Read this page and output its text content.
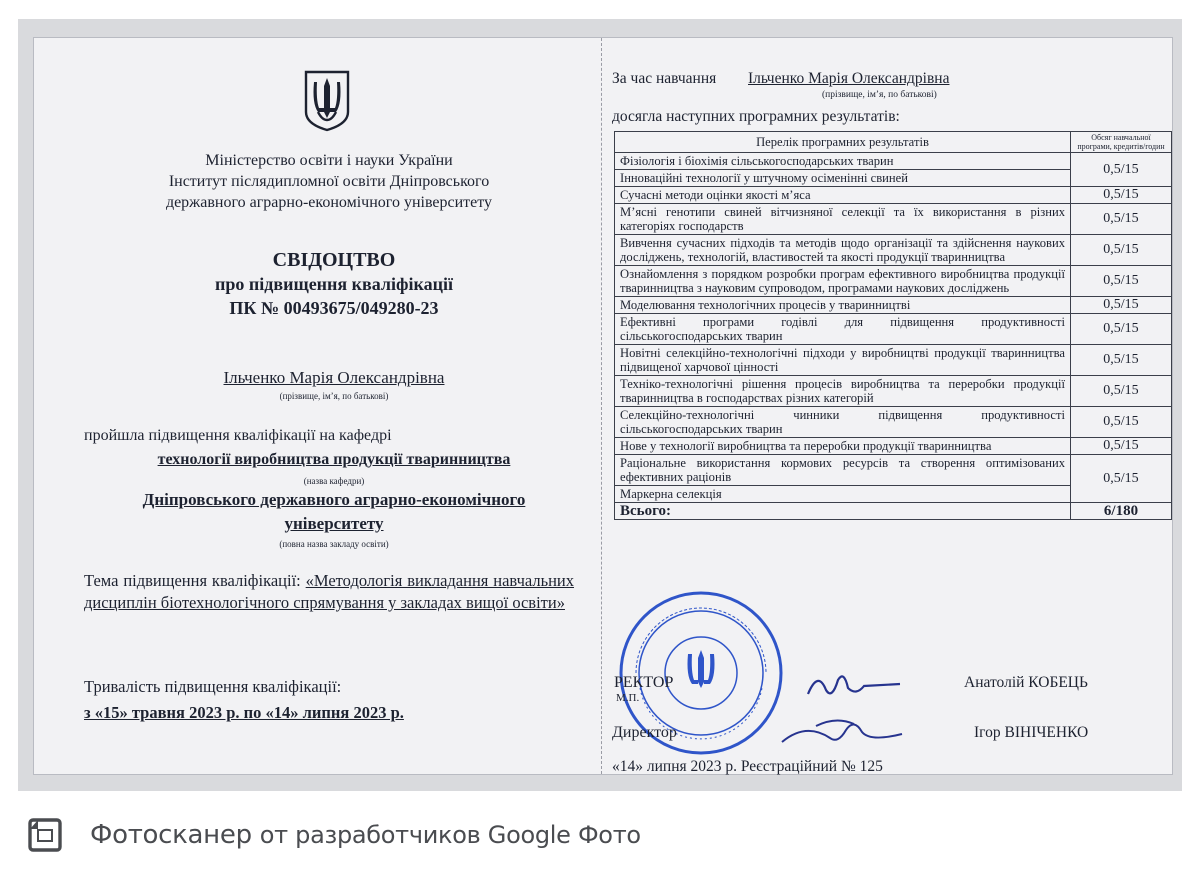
Міністерство освіти і науки України
Інститут післядипломної освіти Дніпровського
державного аграрно-економічного університету
СВІДОЦТВО
про підвищення кваліфікації
ПК № 00493675/049280-23
Ільченко Марія Олександрівна
(прізвище, ім’я, по батькові)
пройшла підвищення кваліфікації на кафедрі
технології виробництва продукції тваринництва
(назва кафедри)
Дніпровського державного аграрно-економічного
університету
(повна назва закладу освіти)
Тема підвищення кваліфікації: «Методологія викладання навчальних дисциплін біотехнологічного спрямування у закладах вищої освіти»
Тривалість підвищення кваліфікації:
з «15» травня 2023 р. по «14» липня 2023 р.
За час навчання Ільченко Марія Олександрівна
(прізвище, ім’я, по батькові)
досягла наступних програмних результатів:
Перелік програмних результатів	Обсяг навчальної програми, кредитів/годин
Фізіологія і біохімія сільськогосподарських тварин	0,5/15
Інноваційні технології у штучному осімeнінні свиней	
Сучасні методи оцінки якості м’яса	0,5/15
М’ясні генотипи свиней вітчизняної селекції та їх використання в різних категоріях господарств	0,5/15
Вивчення сучасних підходів та методів щодо організації та здійснення наукових досліджень, технологій, властивостей та якості продукції тваринництва	0,5/15
Ознайомлення з порядком розробки програм ефективного виробництва продукції тваринництва з науковим супроводом, програмами наукових досліджень	0,5/15
Моделювання технологічних процесів у тваринництві	0,5/15
Ефективні програми годівлі для підвищення продуктивності сільськогосподарських тварин	0,5/15
Новітні селекційно-технологічні підходи у виробництві продукції тваринництва підвищеної харчової цінності	0,5/15
Техніко-технологічні рішення процесів виробництва та переробки продукції тваринництва в господарствах різних категорій	0,5/15
Селекційно-технологічні чинники підвищення продуктивності сільськогосподарських тварин	0,5/15
Нове у технології виробництва та переробки продукції тваринництва	0,5/15
Раціональне використання кормових ресурсів та створення оптимізованих ефективних раціонів	0,5/15
Маркерна селекція	
Всього:	6/180
РЕКТОР
М.П.
Анатолій КОБЕЦЬ
Директор	Ігор ВІНІЧЕНКО
«14» липня 2023 р. Реєстраційний № 125
Фотосканер от разработчиков Google Фото
